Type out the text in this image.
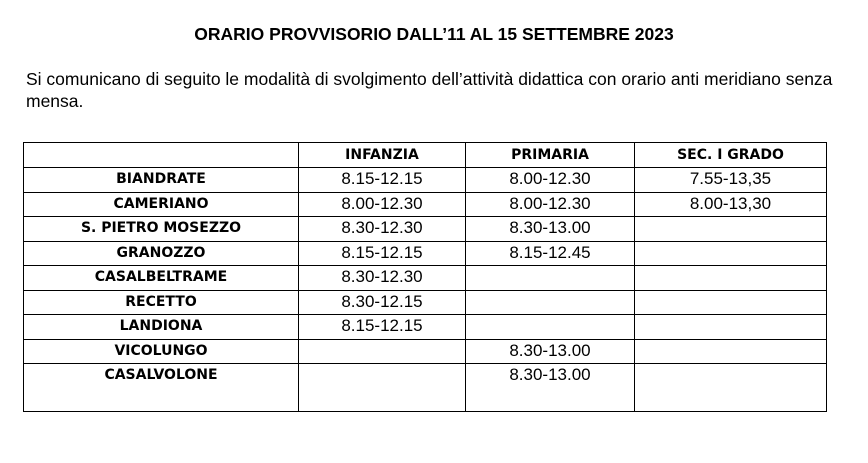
ORARIO PROVVISORIO DALL’11 AL 15 SETTEMBRE 2023
Si comunicano di seguito le modalità di svolgimento dell’attività didattica con orario anti meridiano senza mensa.
	INFANZIA	PRIMARIA	SEC. I GRADO
BIANDRATE	8.15-12.15	8.00-12.30	7.55-13,35
CAMERIANO	8.00-12.30	8.00-12.30	8.00-13,30
S. PIETRO MOSEZZO	8.30-12.30	8.30-13.00	
GRANOZZO	8.15-12.15	8.15-12.45	
CASALBELTRAME	8.30-12.30		
RECETTO	8.30-12.15		
LANDIONA	8.15-12.15		
VICOLUNGO		8.30-13.00	
CASALVOLONE		8.30-13.00	
